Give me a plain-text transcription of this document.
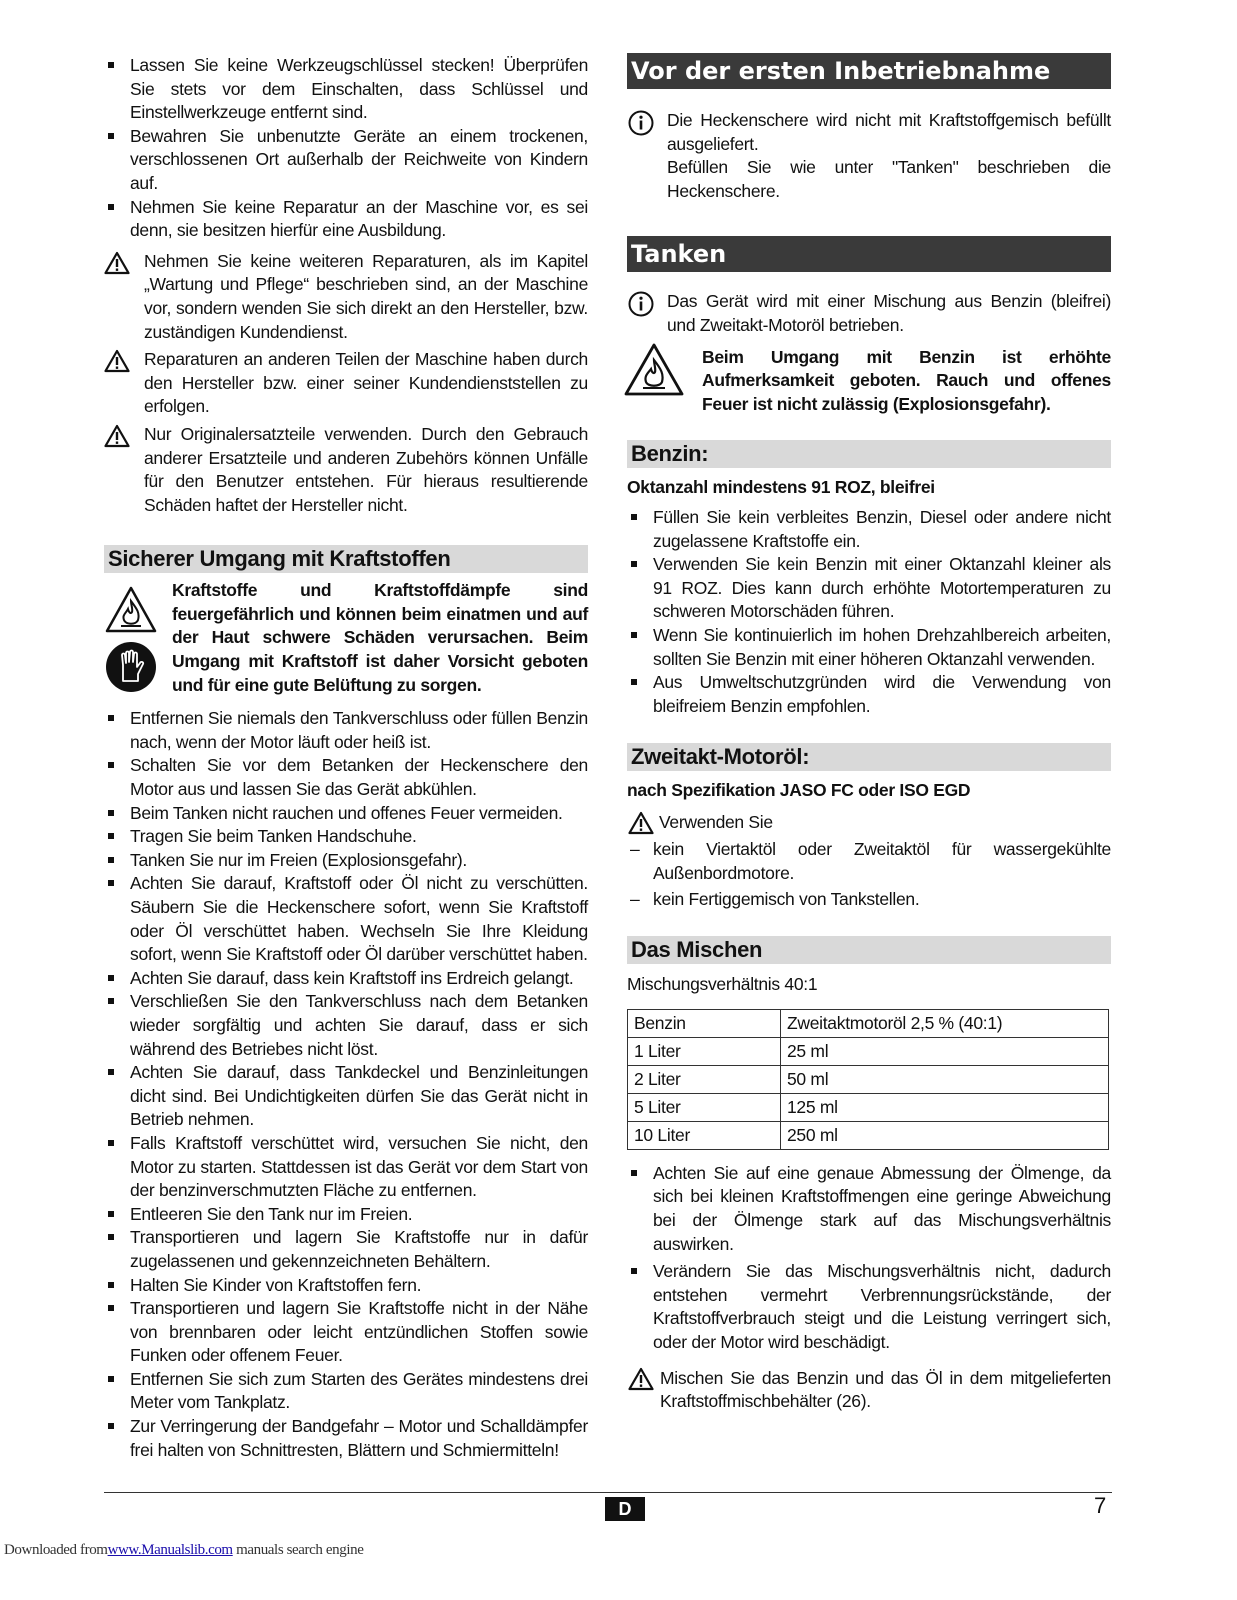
Lassen Sie keine Werkzeugschlüssel stecken! Überprüfen Sie stets vor dem Einschalten, dass Schlüssel und Einstellwerkzeuge entfernt sind.
Bewahren Sie unbenutzte Geräte an einem trockenen, verschlossenen Ort außerhalb der Reichweite von Kindern auf.
Nehmen Sie keine Reparatur an der Maschine vor, es sei denn, sie besitzen hierfür eine Ausbildung.
Nehmen Sie keine weiteren Reparaturen, als im Kapitel „Wartung und Pflege“ beschrieben sind, an der Maschine vor, sondern wenden Sie sich direkt an den Hersteller, bzw. zuständigen Kundendienst.
Reparaturen an anderen Teilen der Maschine haben durch den Hersteller bzw. einer seiner Kundendienststellen zu erfolgen.
Nur Originalersatzteile verwenden. Durch den Gebrauch anderer Ersatzteile und anderen Zubehörs können Unfälle für den Benutzer entstehen. Für hieraus resultierende Schäden haftet der Hersteller nicht.
Sicherer Umgang mit Kraftstoffen
Kraftstoffe und Kraftstoffdämpfe sind feuergefährlich und können beim einatmen und auf der Haut schwere Schäden verursachen. Beim Umgang mit Kraftstoff ist daher Vorsicht geboten und für eine gute Belüftung zu sorgen.
Entfernen Sie niemals den Tankverschluss oder füllen Benzin nach, wenn der Motor läuft oder heiß ist.
Schalten Sie vor dem Betanken der Heckenschere den Motor aus und lassen Sie das Gerät abkühlen.
Beim Tanken nicht rauchen und offenes Feuer vermeiden.
Tragen Sie beim Tanken Handschuhe.
Tanken Sie nur im Freien (Explosionsgefahr).
Achten Sie darauf, Kraftstoff oder Öl nicht zu verschütten. Säubern Sie die Heckenschere sofort, wenn Sie Kraftstoff oder Öl verschüttet haben. Wechseln Sie Ihre Kleidung sofort, wenn Sie Kraftstoff oder Öl darüber verschüttet haben.
Achten Sie darauf, dass kein Kraftstoff ins Erdreich gelangt.
Verschließen Sie den Tankverschluss nach dem Betanken wieder sorgfältig und achten Sie darauf, dass er sich während des Betriebes nicht löst.
Achten Sie darauf, dass Tankdeckel und Benzinleitungen dicht sind. Bei Undichtigkeiten dürfen Sie das Gerät nicht in Betrieb nehmen.
Falls Kraftstoff verschüttet wird, versuchen Sie nicht, den Motor zu starten. Stattdessen ist das Gerät vor dem Start von der benzinverschmutzten Fläche zu entfernen.
Entleeren Sie den Tank nur im Freien.
Transportieren und lagern Sie Kraftstoffe nur in dafür zugelassenen und gekennzeichneten Behältern.
Halten Sie Kinder von Kraftstoffen fern.
Transportieren und lagern Sie Kraftstoffe nicht in der Nähe von brennbaren oder leicht entzündlichen Stoffen sowie Funken oder offenem Feuer.
Entfernen Sie sich zum Starten des Gerätes mindestens drei Meter vom Tankplatz.
Zur Verringerung der Bandgefahr – Motor und Schalldämpfer frei halten von Schnittresten, Blättern und Schmiermitteln!
Vor der ersten Inbetriebnahme
Die Heckenschere wird nicht mit Kraftstoffgemisch befüllt ausgeliefert.
Befüllen Sie wie unter "Tanken" beschrieben die Heckenschere.
Tanken
Das Gerät wird mit einer Mischung aus Benzin (bleifrei) und Zweitakt-Motoröl betrieben.
Beim Umgang mit Benzin ist erhöhte Aufmerksamkeit geboten. Rauch und offenes Feuer ist nicht zulässig (Explosionsgefahr).
Benzin:
Oktanzahl mindestens 91 ROZ, bleifrei
Füllen Sie kein verbleites Benzin, Diesel oder andere nicht zugelassene Kraftstoffe ein.
Verwenden Sie kein Benzin mit einer Oktanzahl kleiner als 91 ROZ. Dies kann durch erhöhte Motortemperaturen zu schweren Motorschäden führen.
Wenn Sie kontinuierlich im hohen Drehzahlbereich arbeiten, sollten Sie Benzin mit einer höheren Oktanzahl verwenden.
Aus Umweltschutzgründen wird die Verwendung von bleifreiem Benzin empfohlen.
Zweitakt-Motoröl:
nach Spezifikation JASO FC oder ISO EGD
Verwenden Sie
– kein Viertaktöl oder Zweitaktöl für wassergekühlte Außenbordmotore.
– kein Fertiggemisch von Tankstellen.
Das Mischen
Mischungsverhältnis 40:1
Benzin	Zweitaktmotoröl 2,5 % (40:1)
1 Liter	25 ml
2 Liter	50 ml
5 Liter	125 ml
10 Liter	250 ml
Achten Sie auf eine genaue Abmessung der Ölmenge, da sich bei kleinen Kraftstoffmengen eine geringe Abweichung bei der Ölmenge stark auf das Mischungsverhältnis auswirken.
Verändern Sie das Mischungsverhältnis nicht, dadurch entstehen vermehrt Verbrennungsrückstände, der Kraftstoffverbrauch steigt und die Leistung verringert sich, oder der Motor wird beschädigt.
Mischen Sie das Benzin und das Öl in dem mitgelieferten Kraftstoffmischbehälter (26).
D	7
Downloaded fromwww.Manualslib.com manuals search engine
